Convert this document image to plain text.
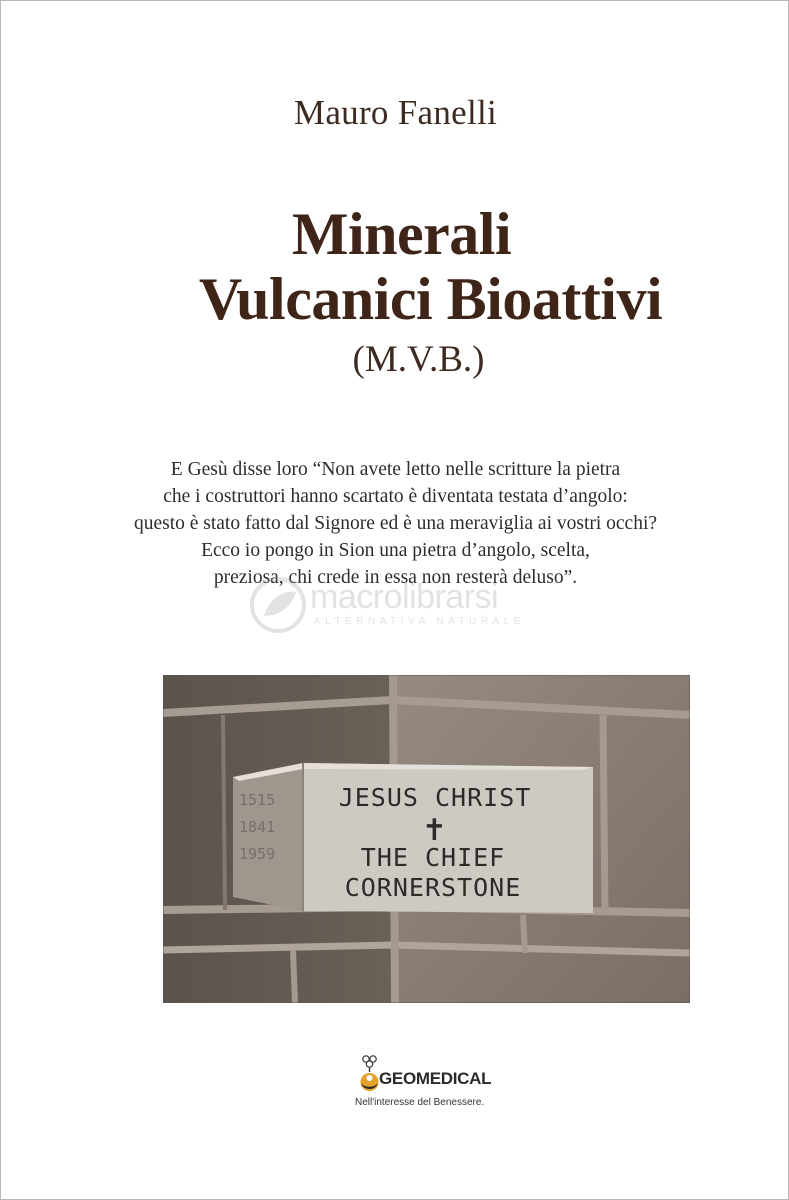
Mauro Fanelli
Minerali
Vulcanici Bioattivi
(M.V.B.)
E Gesù disse loro “Non avete letto nelle scritture la pietra
che i costruttori hanno scartato è diventata testata d’angolo:
questo è stato fatto dal Signore ed è una meraviglia ai vostri occhi?
Ecco io pongo in Sion una pietra d’angolo, scelta,
preziosa, chi crede in essa non resterà deluso”.
macrolibrarsi
ALTERNATIVA NATURALE
1515
1841
1959
JESUS CHRIST
✝
THE CHIEF
CORNERSTONE
GEOMEDICAL
Nell'interesse del Benessere.
